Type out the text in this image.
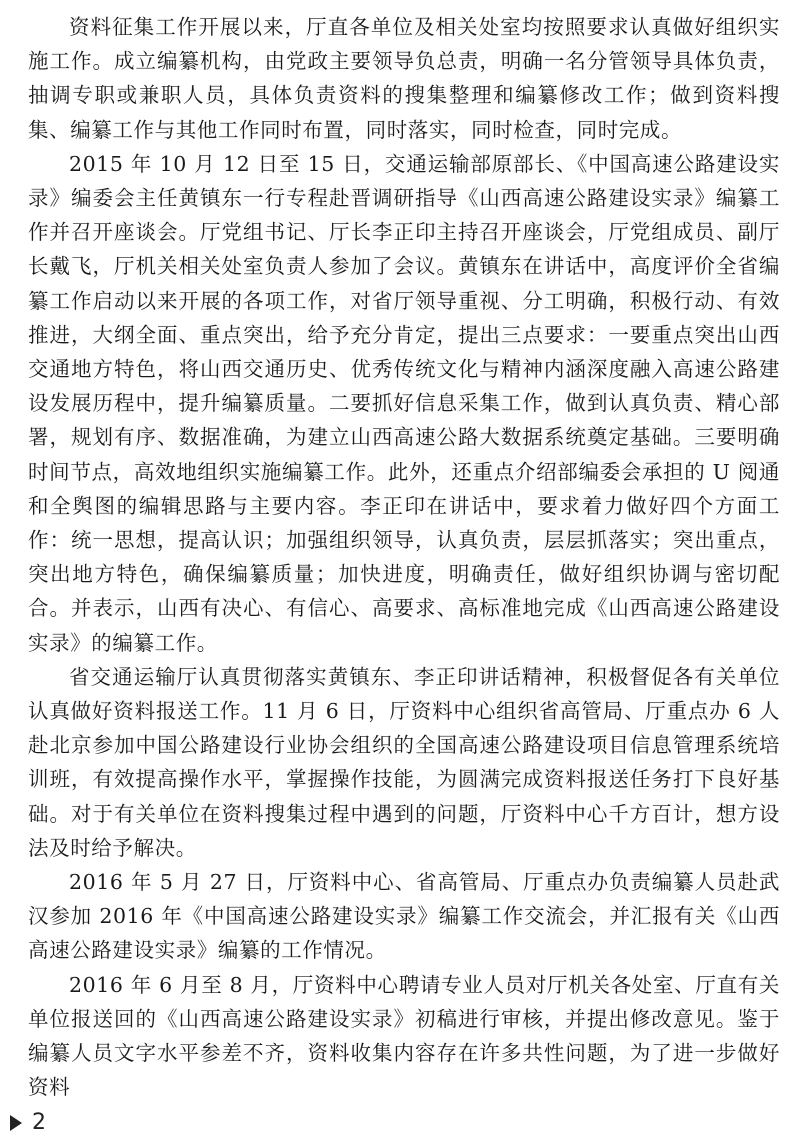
资料征集工作开展以来，厅直各单位及相关处室均按照要求认真做好组织实施工作。成立编纂机构，由党政主要领导负总责，明确一名分管领导具体负责，抽调专职或兼职人员，具体负责资料的搜集整理和编纂修改工作；做到资料搜集、编纂工作与其他工作同时布置，同时落实，同时检查，同时完成。

2015 年 10 月 12 日至 15 日，交通运输部原部长、《中国高速公路建设实录》编委会主任黄镇东一行专程赴晋调研指导《山西高速公路建设实录》编纂工作并召开座谈会。厅党组书记、厅长李正印主持召开座谈会，厅党组成员、副厅长戴飞，厅机关相关处室负责人参加了会议。黄镇东在讲话中，高度评价全省编纂工作启动以来开展的各项工作，对省厅领导重视、分工明确，积极行动、有效推进，大纲全面、重点突出，给予充分肯定，提出三点要求：一要重点突出山西交通地方特色，将山西交通历史、优秀传统文化与精神内涵深度融入高速公路建设发展历程中，提升编纂质量。二要抓好信息采集工作，做到认真负责、精心部署，规划有序、数据准确，为建立山西高速公路大数据系统奠定基础。三要明确时间节点，高效地组织实施编纂工作。此外，还重点介绍部编委会承担的 U 阅通和全舆图的编辑思路与主要内容。李正印在讲话中，要求着力做好四个方面工作：统一思想，提高认识；加强组织领导，认真负责，层层抓落实；突出重点，突出地方特色，确保编纂质量；加快进度，明确责任，做好组织协调与密切配合。并表示，山西有决心、有信心、高要求、高标准地完成《山西高速公路建设实录》的编纂工作。

省交通运输厅认真贯彻落实黄镇东、李正印讲话精神，积极督促各有关单位认真做好资料报送工作。11 月 6 日，厅资料中心组织省高管局、厅重点办 6 人赴北京参加中国公路建设行业协会组织的全国高速公路建设项目信息管理系统培训班，有效提高操作水平，掌握操作技能，为圆满完成资料报送任务打下良好基础。对于有关单位在资料搜集过程中遇到的问题，厅资料中心千方百计，想方设法及时给予解决。

2016 年 5 月 27 日，厅资料中心、省高管局、厅重点办负责编纂人员赴武汉参加 2016 年《中国高速公路建设实录》编纂工作交流会，并汇报有关《山西高速公路建设实录》编纂的工作情况。

2016 年 6 月至 8 月，厅资料中心聘请专业人员对厅机关各处室、厅直有关单位报送回的《山西高速公路建设实录》初稿进行审核，并提出修改意见。鉴于编纂人员文字水平参差不齐，资料收集内容存在许多共性问题，为了进一步做好资料

2
